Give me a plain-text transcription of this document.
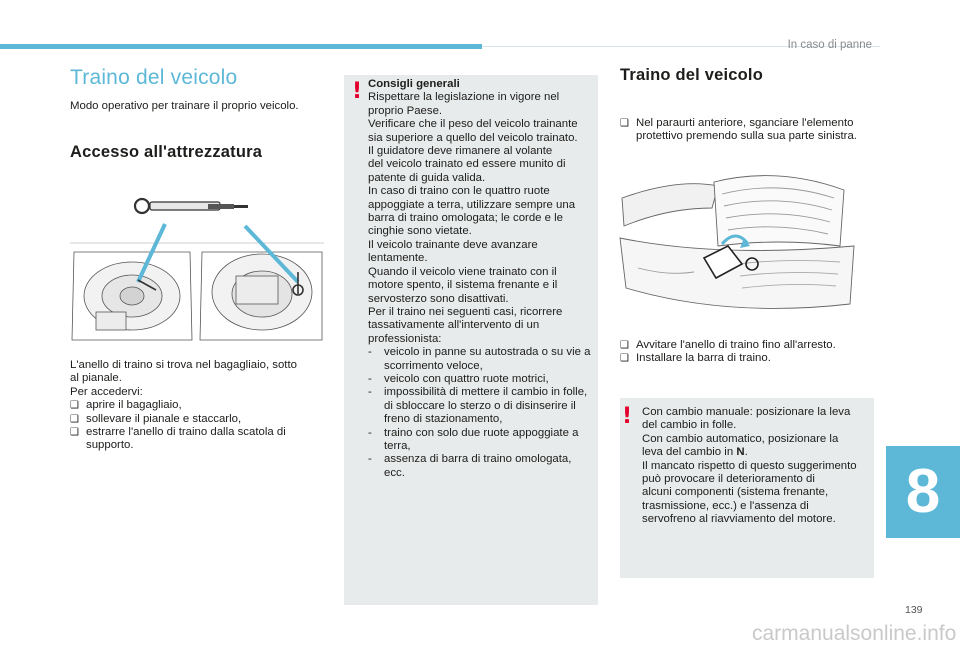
In caso di panne
Traino del veicolo
Modo operativo per trainare il proprio veicolo.
Accesso all'attrezzatura
L'anello di traino si trova nel bagagliaio, sotto
al pianale.
Per accedervi:
❑ aprire il bagagliaio,
❑ sollevare il pianale e staccarlo,
❑ estrarre l'anello di traino dalla scatola di supporto.
! Consigli generali
Rispettare la legislazione in vigore nel
proprio Paese.
Verificare che il peso del veicolo trainante
sia superiore a quello del veicolo trainato.
Il guidatore deve rimanere al volante
del veicolo trainato ed essere munito di
patente di guida valida.
In caso di traino con le quattro ruote
appoggiate a terra, utilizzare sempre una
barra di traino omologata; le corde e le
cinghie sono vietate.
Il veicolo trainante deve avanzare
lentamente.
Quando il veicolo viene trainato con il
motore spento, il sistema frenante e il
servosterzo sono disattivati.
Per il traino nei seguenti casi, ricorrere
tassativamente all'intervento di un
professionista:
- veicolo in panne su autostrada o su vie a scorrimento veloce,
- veicolo con quattro ruote motrici,
- impossibilità di mettere il cambio in folle, di sbloccare lo sterzo o di disinserire il freno di stazionamento,
- traino con solo due ruote appoggiate a terra,
- assenza di barra di traino omologata, ecc.
Traino del veicolo
❑ Nel paraurti anteriore, sganciare l'elemento protettivo premendo sulla sua parte sinistra.
❑ Avvitare l'anello di traino fino all'arresto.
❑ Installare la barra di traino.
! Con cambio manuale: posizionare la leva
del cambio in folle.
Con cambio automatico, posizionare la
leva del cambio in N.
Il mancato rispetto di questo suggerimento
può provocare il deterioramento di
alcuni componenti (sistema frenante,
trasmissione, ecc.) e l'assenza di
servofreno al riavviamento del motore.	8
139
carmanualsonline.info
